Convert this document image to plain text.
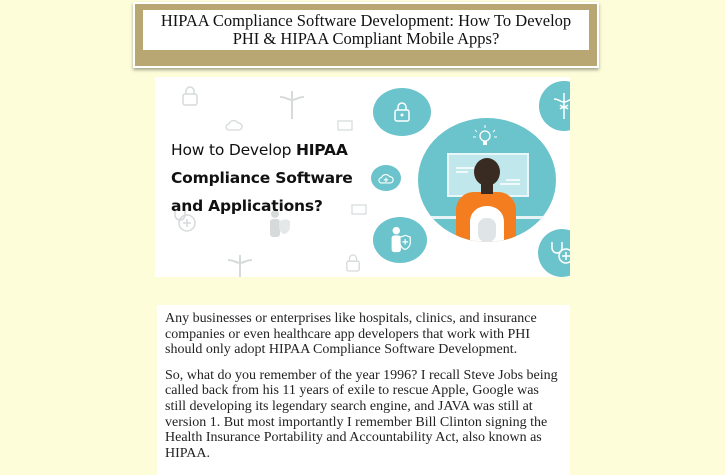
HIPAA Compliance Software Development: How To Develop
PHI & HIPAA Compliant Mobile Apps?
How to Develop HIPAA
Compliance Software
and Applications?

Any businesses or enterprises like hospitals, clinics, and insurance companies or even healthcare app developers that work with PHI should only adopt HIPAA Compliance Software Development.

So, what do you remember of the year 1996? I recall Steve Jobs being called back from his 11 years of exile to rescue Apple, Google was still developing its legendary search engine, and JAVA was still at version 1. But most importantly I remember Bill Clinton signing the Health Insurance Portability and Accountability Act, also known as HIPAA.
